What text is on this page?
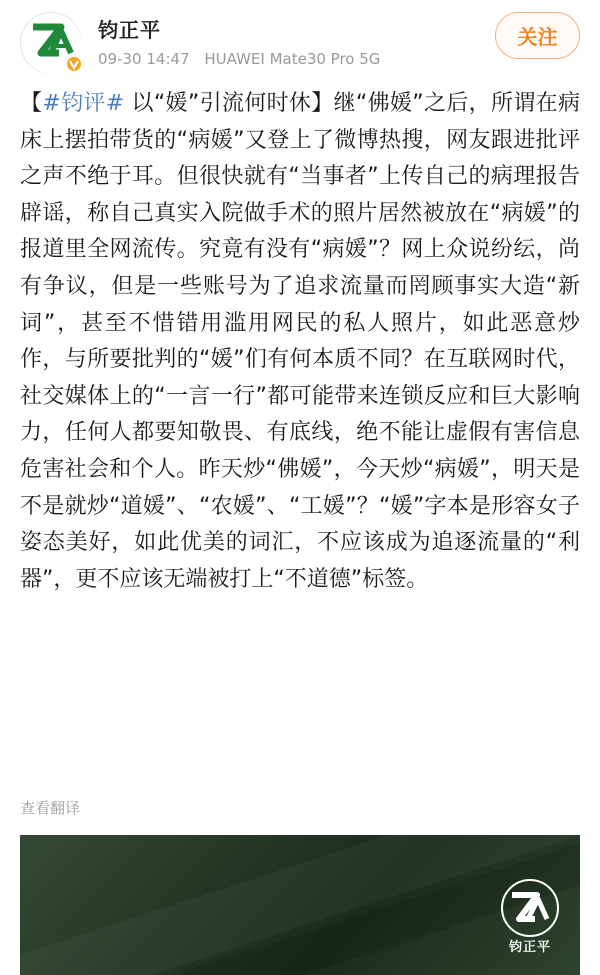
钧正平
09-30 14:47 HUAWEI Mate30 Pro 5G
关注
【#钧评# 以“媛”引流何时休】继“佛媛”之后，所谓在病床上摆拍带货的“病媛”又登上了微博热搜，网友跟进批评之声不绝于耳。但很快就有“当事者”上传自己的病理报告辟谣，称自己真实入院做手术的照片居然被放在“病媛”的报道里全网流传。究竟有没有“病媛”？网上众说纷纭，尚有争议，但是一些账号为了追求流量而罔顾事实大造“新词”，甚至不惜错用滥用网民的私人照片，如此恶意炒作，与所要批判的“媛”们有何本质不同？在互联网时代，社交媒体上的“一言一行”都可能带来连锁反应和巨大影响力，任何人都要知敬畏、有底线，绝不能让虚假有害信息危害社会和个人。昨天炒“佛媛”，今天炒“病媛”，明天是不是就炒“道媛”、“农媛”、“工媛”？“媛”字本是形容女子姿态美好，如此优美的词汇，不应该成为追逐流量的“利器”，更不应该无端被打上“不道德”标签。
查看翻译
钧正平
